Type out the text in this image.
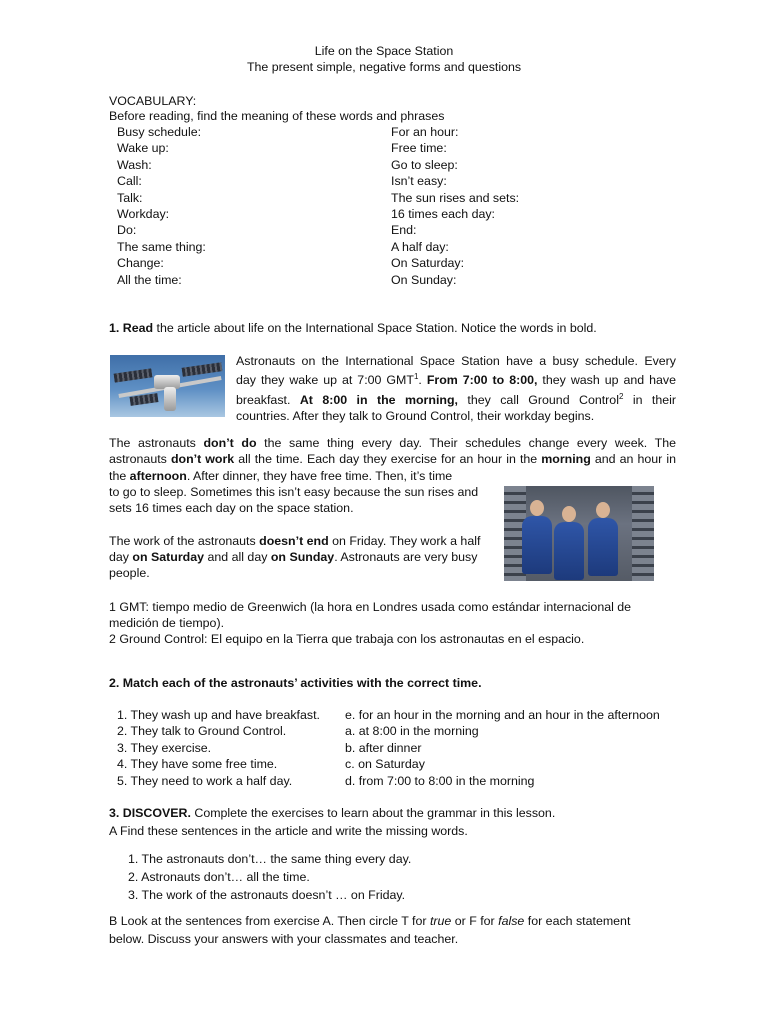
Life on the Space Station
The present simple, negative forms and questions
VOCABULARY:
Before reading, find the meaning of these words and phrases
Busy schedule:
Wake up:
Wash:
Call:
Talk:
Workday:
Do:
The same thing:
Change:
All the time:
For an hour:
Free time:
Go to sleep:
Isn’t easy:
The sun rises and sets:
16 times each day:
End:
A half day:
On Saturday:
On Sunday:
1. Read the article about life on the International Space Station. Notice the words in bold.
Astronauts on the International Space Station have a busy schedule. Every
day they wake up at 7:00 GMT$^1$. From 7:00 to 8:00, they wash up and have
breakfast. At 8:00 in the morning, they call Ground Control$^2$ in their
countries. After they talk to Ground Control, their workday begins.
The astronauts don’t do the same thing every day. Their schedules change every week. The astronauts don’t work all the time. Each day they exercise for an hour in the morning and an hour in the afternoon. After dinner, they have free time. Then, it’s time
to go to sleep. Sometimes this isn’t easy because the sun rises and
sets 16 times each day on the space station.
The work of the astronauts doesn’t end on Friday. They work a half
day on Saturday and all day on Sunday. Astronauts are very busy
people.
1 GMT: tiempo medio de Greenwich (la hora en Londres usada como estándar internacional de
medición de tiempo).
2 Ground Control: El equipo en la Tierra que trabaja con los astronautas en el espacio.
2. Match each of the astronauts’ activities with the correct time.
1. They wash up and have breakfast.
2. They talk to Ground Control.
3. They exercise.
4. They have some free time.
5. They need to work a half day.
e. for an hour in the morning and an hour in the afternoon
a. at 8:00 in the morning
b. after dinner
c. on Saturday
d. from 7:00 to 8:00 in the morning
3. DISCOVER. Complete the exercises to learn about the grammar in this lesson.
A Find these sentences in the article and write the missing words.
1. The astronauts don’t… the same thing every day.
2. Astronauts don’t… all the time.
3. The work of the astronauts doesn’t … on Friday.
B Look at the sentences from exercise A. Then circle T for true or F for false for each statement
below. Discuss your answers with your classmates and teacher.
